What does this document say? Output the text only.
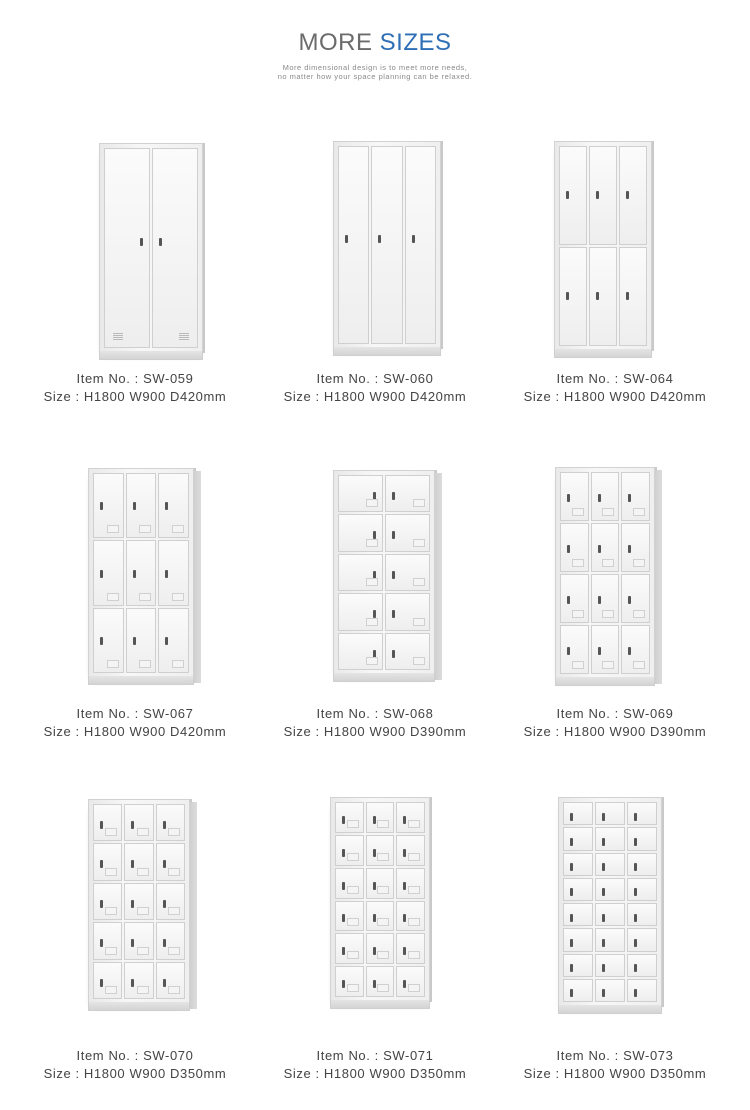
MORE SIZES
More dimensional design is to meet more needs,
no matter how your space planning can be relaxed.
Item No. : SW-059
Size : H1800 W900 D420mm
Item No. : SW-060
Size : H1800 W900 D420mm
Item No. : SW-064
Size : H1800 W900 D420mm
Item No. : SW-067
Size : H1800 W900 D420mm
Item No. : SW-068
Size : H1800 W900 D390mm
Item No. : SW-069
Size : H1800 W900 D390mm
Item No. : SW-070
Size : H1800 W900 D350mm
Item No. : SW-071
Size : H1800 W900 D350mm
Item No. : SW-073
Size : H1800 W900 D350mm
